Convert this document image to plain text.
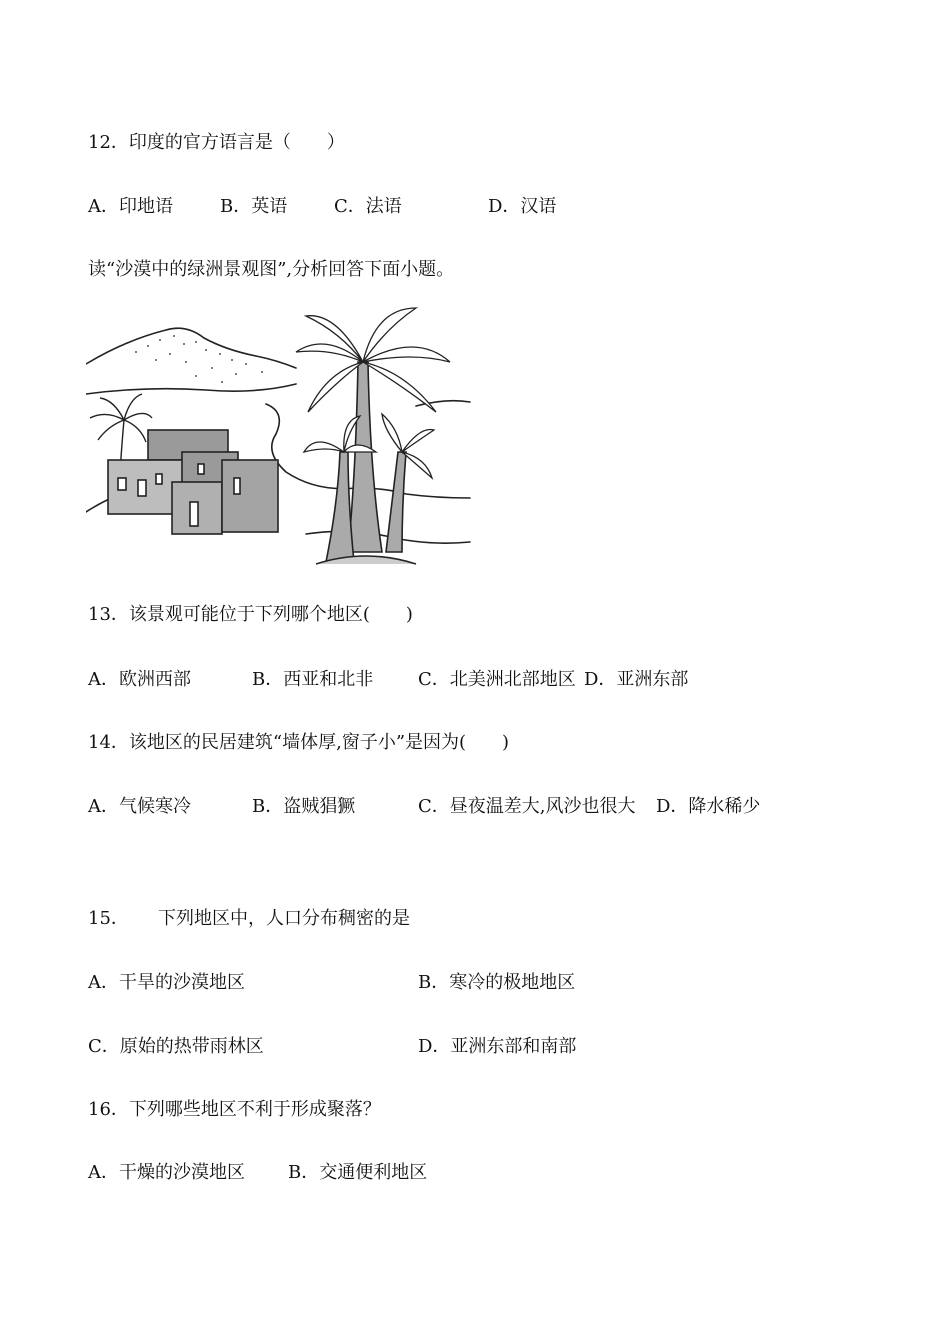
12．印度的官方语言是（　　）
A．印地语	B．英语	C．法语	D．汉语
读“沙漠中的绿洲景观图”,分析回答下面小题。
13．该景观可能位于下列哪个地区(　　)
A．欧洲西部	B．西亚和北非 C．北美洲北部地区 D．亚洲东部
14．该地区的民居建筑“墙体厚,窗子小”是因为(　　)
A．气候寒冷	B．盗贼猖獗	C．昼夜温差大,风沙也很大 D．降水稀少
15． 下列地区中，人口分布稠密的是
A．干旱的沙漠地区	B．寒冷的极地地区
C．原始的热带雨林区	D．亚洲东部和南部
16．下列哪些地区不利于形成聚落？
A．干燥的沙漠地区 B．交通便利地区
